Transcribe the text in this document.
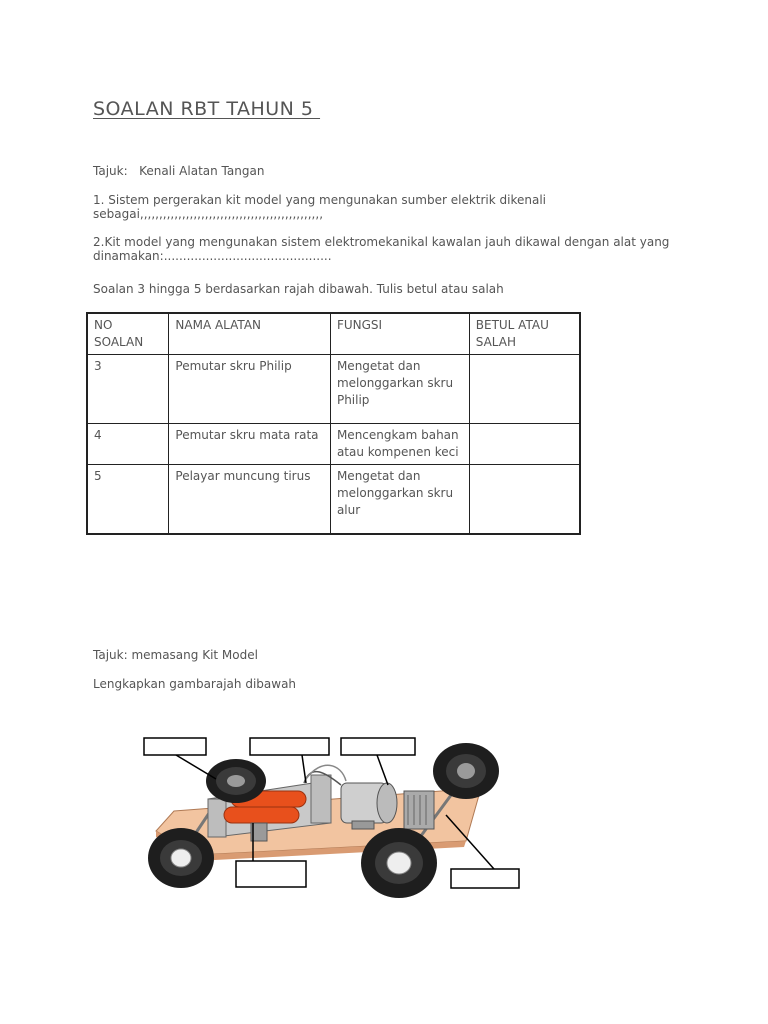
SOALAN RBT TAHUN 5
Tajuk:   Kenali Alatan Tangan
1. Sistem pergerakan kit model yang mengunakan sumber elektrik dikenali
sebagai,,,,,,,,,,,,,,,,,,,,,,,,,,,,,,,,,,,,,,,,,,,,,,,,
2.Kit model yang mengunakan sistem elektromekanikal kawalan jauh dikawal dengan alat yang
dinamakan:............................................
Soalan 3 hingga 5 berdasarkan rajah dibawah. Tulis betul atau salah
NO SOALAN	NAMA ALATAN	FUNGSI	BETUL ATAU SALAH
3	Pemutar skru Philip	Mengetat dan melonggarkan skru Philip	
4	Pemutar skru mata rata	Mencengkam bahan atau kompenen keci	
5	Pelayar muncung tirus	Mengetat dan melonggarkan skru alur	
Tajuk: memasang Kit Model
Lengkapkan gambarajah dibawah
